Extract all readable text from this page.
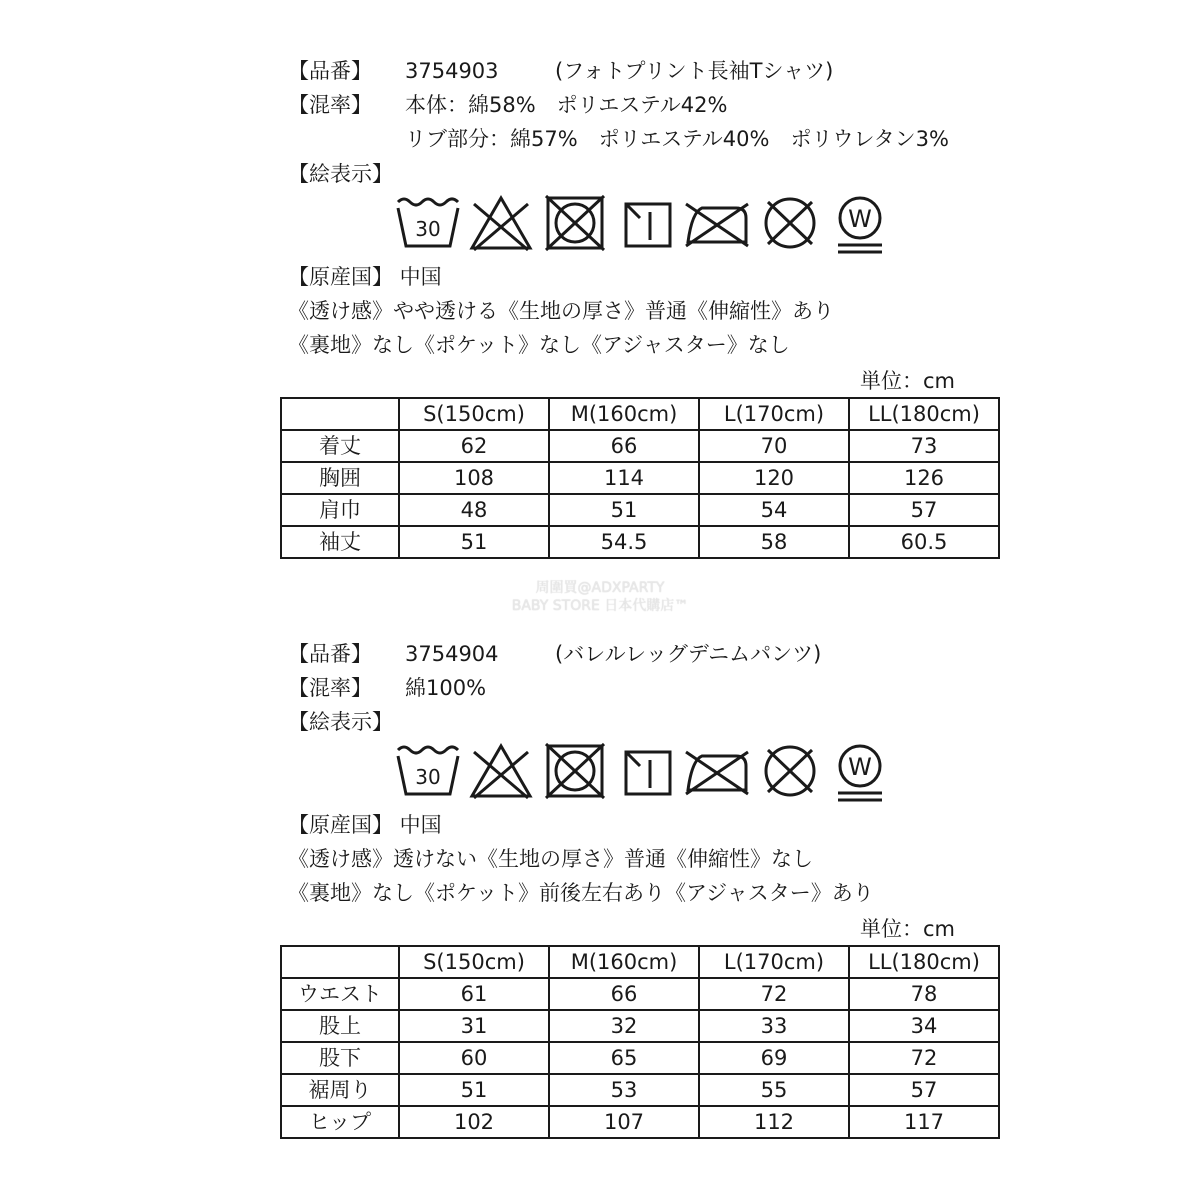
【品番】 3754903	(フォトプリント長袖Tシャツ)
【混率】 本体：綿58%　ポリエステル42%
リブ部分：綿57%　ポリエステル40%　ポリウレタン3%
【絵表示】
30	W
【原産国】 中国
《透け感》やや透ける《生地の厚さ》普通《伸縮性》あり
《裏地》なし《ポケット》なし《アジャスター》なし
単位：cm
	S(150cm)	M(160cm)	L(170cm)	LL(180cm)
着丈	62	66	70	73
胸囲	108	114	120	126
肩巾	48	51	54	57
袖丈	51	54.5	58	60.5
周圍買@ADXPARTY
BABY STORE 日本代購店™
【品番】 3754904	(バレルレッグデニムパンツ)
【混率】 綿100%
【絵表示】
30	W
【原産国】 中国
《透け感》透けない《生地の厚さ》普通《伸縮性》なし
《裏地》なし《ポケット》前後左右あり《アジャスター》あり
単位：cm
	S(150cm)	M(160cm)	L(170cm)	LL(180cm)
ウエスト	61	66	72	78
股上	31	32	33	34
股下	60	65	69	72
裾周り	51	53	55	57
ヒップ	102	107	112	117
